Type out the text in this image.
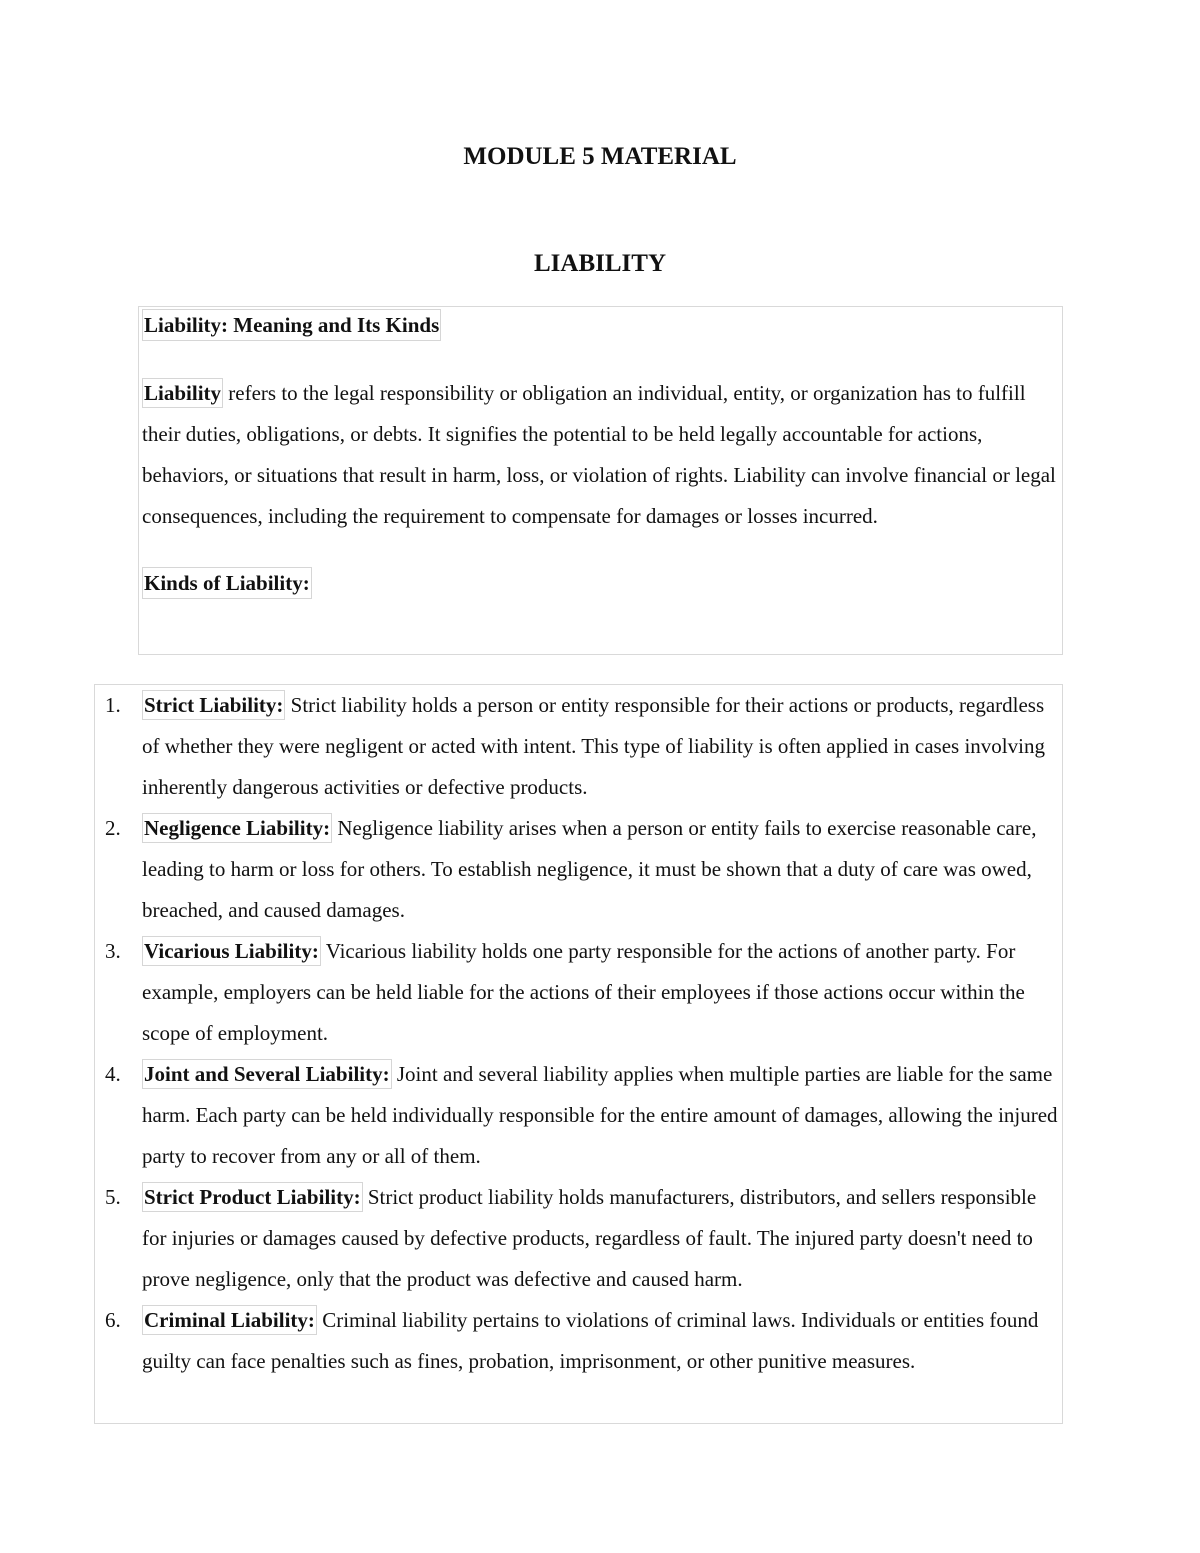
MODULE 5 MATERIAL
LIABILITY
Liability: Meaning and Its Kinds

Liability refers to the legal responsibility or obligation an individual, entity, or organization has to fulfill their duties, obligations, or debts. It signifies the potential to be held legally accountable for actions, behaviors, or situations that result in harm, loss, or violation of rights. Liability can involve financial or legal consequences, including the requirement to compensate for damages or losses incurred.

Kinds of Liability:
1.	Strict Liability: Strict liability holds a person or entity responsible for their actions or products, regardless of whether they were negligent or acted with intent. This type of liability is often applied in cases involving inherently dangerous activities or defective products.
2.	Negligence Liability: Negligence liability arises when a person or entity fails to exercise reasonable care, leading to harm or loss for others. To establish negligence, it must be shown that a duty of care was owed, breached, and caused damages.
3.	Vicarious Liability: Vicarious liability holds one party responsible for the actions of another party. For example, employers can be held liable for the actions of their employees if those actions occur within the scope of employment.
4.	Joint and Several Liability: Joint and several liability applies when multiple parties are liable for the same harm. Each party can be held individually responsible for the entire amount of damages, allowing the injured party to recover from any or all of them.
5.	Strict Product Liability: Strict product liability holds manufacturers, distributors, and sellers responsible for injuries or damages caused by defective products, regardless of fault. The injured party doesn't need to prove negligence, only that the product was defective and caused harm.
6.	Criminal Liability: Criminal liability pertains to violations of criminal laws. Individuals or entities found guilty can face penalties such as fines, probation, imprisonment, or other punitive measures.
